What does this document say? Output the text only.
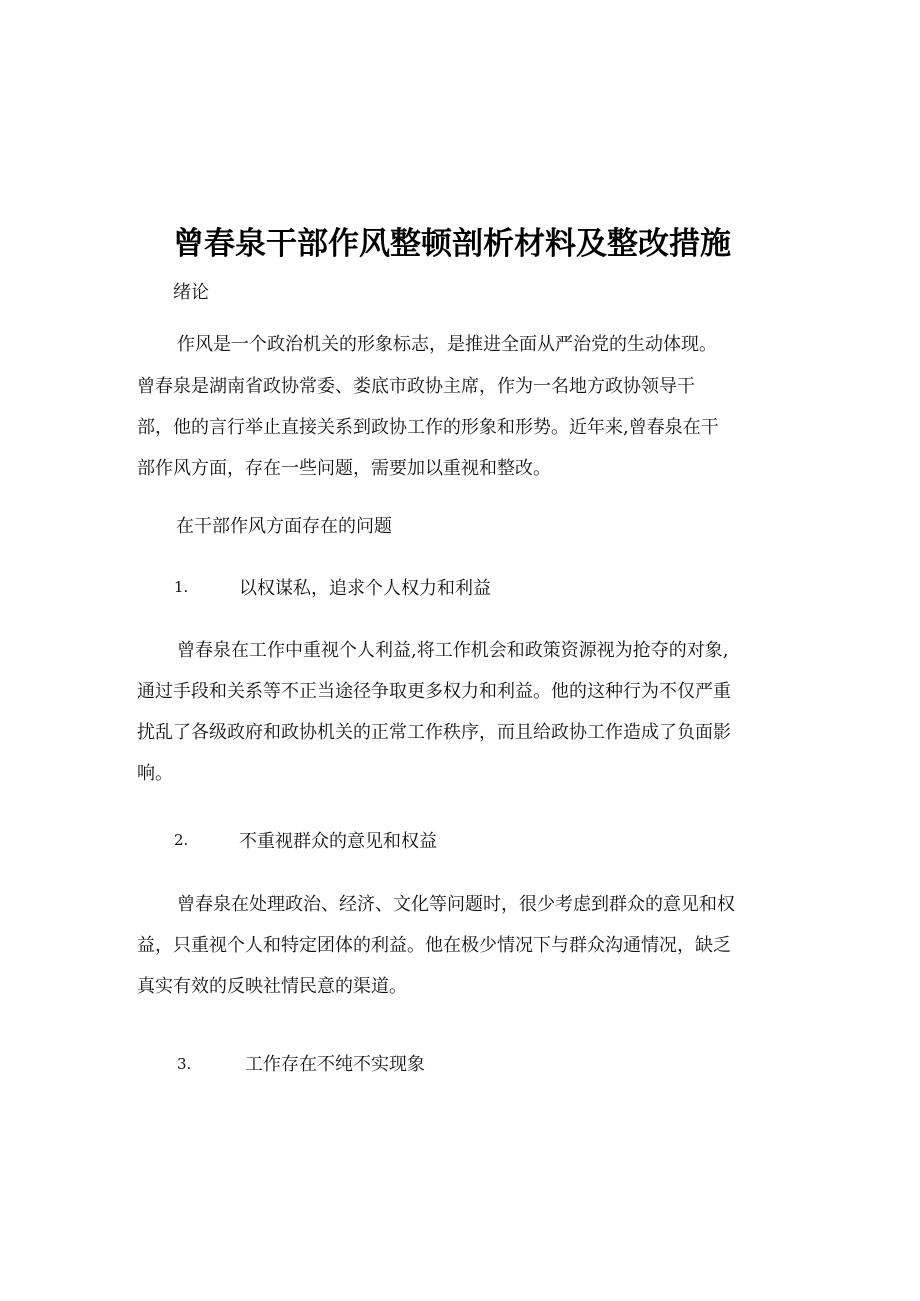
曾春泉干部作风整顿剖析材料及整改措施
绪论
作风是一个政治机关的形象标志，是推进全面从严治党的生动体现。
曾春泉是湖南省政协常委、娄底市政协主席，作为一名地方政协领导干
部，他的言行举止直接关系到政协工作的形象和形势。近年来,曾春泉在干
部作风方面，存在一些问题，需要加以重视和整改。
在干部作风方面存在的问题
1.	以权谋私，追求个人权力和利益
曾春泉在工作中重视个人利益,将工作机会和政策资源视为抢夺的对象,
通过手段和关系等不正当途径争取更多权力和利益。他的这种行为不仅严重
扰乱了各级政府和政协机关的正常工作秩序，而且给政协工作造成了负面影
响。
2.	不重视群众的意见和权益
曾春泉在处理政治、经济、文化等问题时，很少考虑到群众的意见和权
益，只重视个人和特定团体的利益。他在极少情况下与群众沟通情况，缺乏
真实有效的反映社情民意的渠道。
3.	工作存在不纯不实现象
